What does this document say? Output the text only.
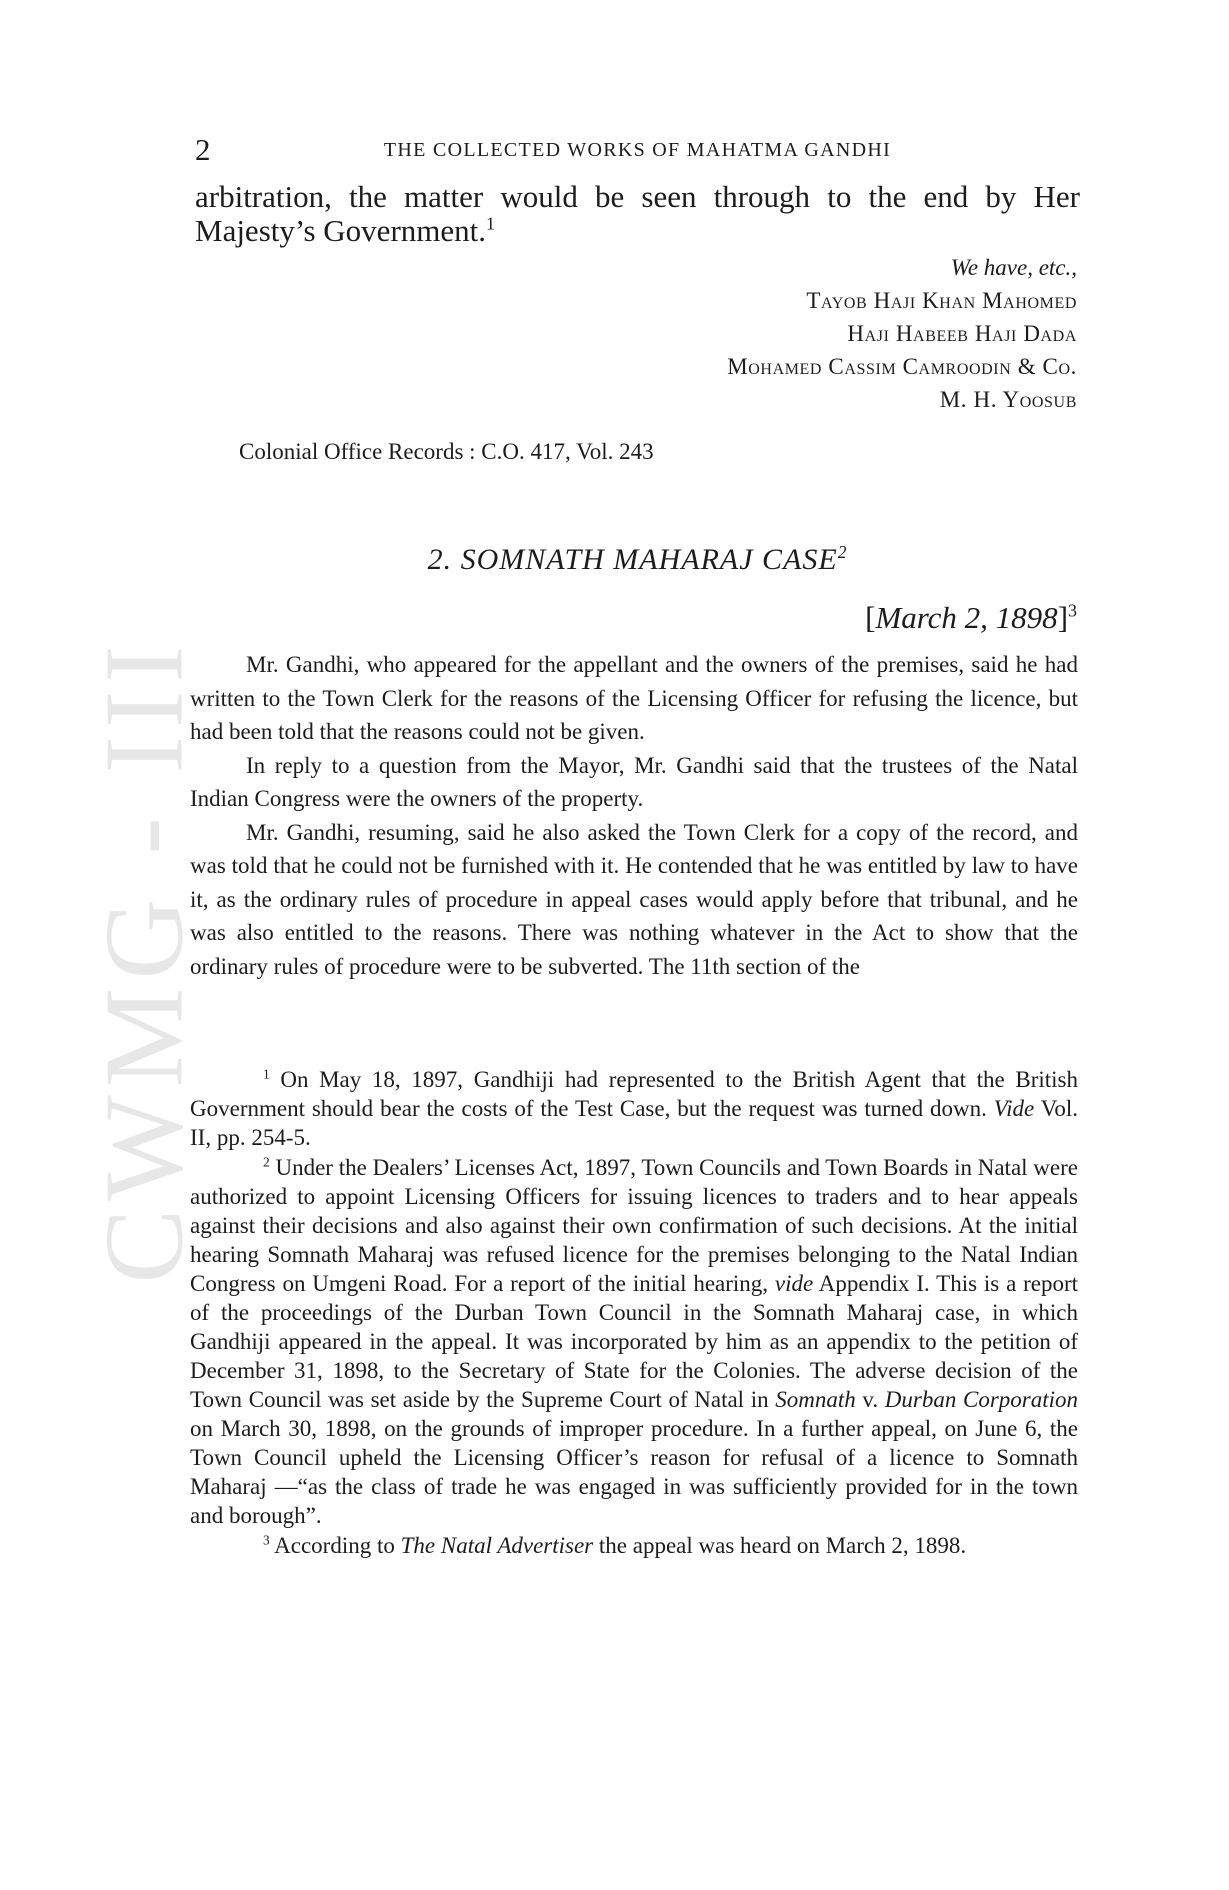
CWMG - III
2	THE COLLECTED WORKS OF MAHATMA GANDHI
arbitration, the matter would be seen through to the end by Her Majesty’s Government.$^1$
We have, etc.,
Tayob Haji Khan Mahomed
Haji Habeeb Haji Dada
Mohamed Cassim Camroodin & Co.
M. H. Yoosub
Colonial Office Records : C.O. 417, Vol. 243
2. SOMNATH MAHARAJ CASE$^2$
[March 2, 1898]$^3$

Mr. Gandhi, who appeared for the appellant and the owners of the premises, said he had written to the Town Clerk for the reasons of the Licensing Officer for refusing the licence, but had been told that the reasons could not be given.

In reply to a question from the Mayor, Mr. Gandhi said that the trustees of the Natal Indian Congress were the owners of the property.

Mr. Gandhi, resuming, said he also asked the Town Clerk for a copy of the record, and was told that he could not be furnished with it. He contended that he was entitled by law to have it, as the ordinary rules of procedure in appeal cases would apply before that tribunal, and he was also entitled to the reasons. There was nothing whatever in the Act to show that the ordinary rules of procedure were to be subverted. The 11th section of the

$^1$ On May 18, 1897, Gandhiji had represented to the British Agent that the British Government should bear the costs of the Test Case, but the request was turned down. Vide Vol. II, pp. 254-5.

$^2$ Under the Dealers’ Licenses Act, 1897, Town Councils and Town Boards in Natal were authorized to appoint Licensing Officers for issuing licences to traders and to hear appeals against their decisions and also against their own confirmation of such decisions. At the initial hearing Somnath Maharaj was refused licence for the premises belonging to the Natal Indian Congress on Umgeni Road. For a report of the initial hearing, vide Appendix I. This is a report of the proceedings of the Durban Town Council in the Somnath Maharaj case, in which Gandhiji appeared in the appeal. It was incorporated by him as an appendix to the petition of December 31, 1898, to the Secretary of State for the Colonies. The adverse decision of the Town Council was set aside by the Supreme Court of Natal in Somnath v. Durban Corporation on March 30, 1898, on the grounds of improper procedure. In a further appeal, on June 6, the Town Council upheld the Licensing Officer’s reason for refusal of a licence to Somnath Maharaj —“as the class of trade he was engaged in was sufficiently provided for in the town and borough”.

$^3$ According to The Natal Advertiser the appeal was heard on March 2, 1898.
